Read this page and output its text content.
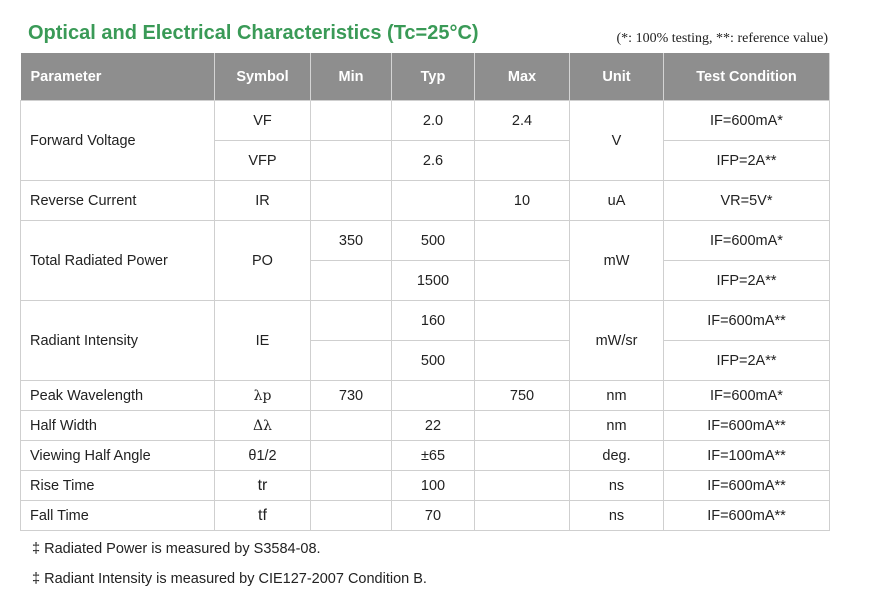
Optical and Electrical Characteristics (Tc=25°C)	(*: 100% testing, **: reference value)
Parameter	Symbol	Min	Typ	Max	Unit	Test Condition
Forward Voltage	VF		2.0	2.4	V	IF=600mA*
	VFP		2.6			IFP=2A**
Reverse Current	IR			10	uA	VR=5V*
Total Radiated Power	PO	350	500		mW	IF=600mA*
			1500			IFP=2A**
Radiant Intensity	IE		160		mW/sr	IF=600mA**
			500			IFP=2A**
Peak Wavelength	λp	730		750	nm	IF=600mA*
Half Width	Δλ		22		nm	IF=600mA**
Viewing Half Angle	θ1/2		±65		deg.	IF=100mA**
Rise Time	tr		100		ns	IF=600mA**
Fall Time	tf		70		ns	IF=600mA**
‡ Radiated Power is measured by S3584-08.
‡ Radiant Intensity is measured by CIE127-2007 Condition B.
